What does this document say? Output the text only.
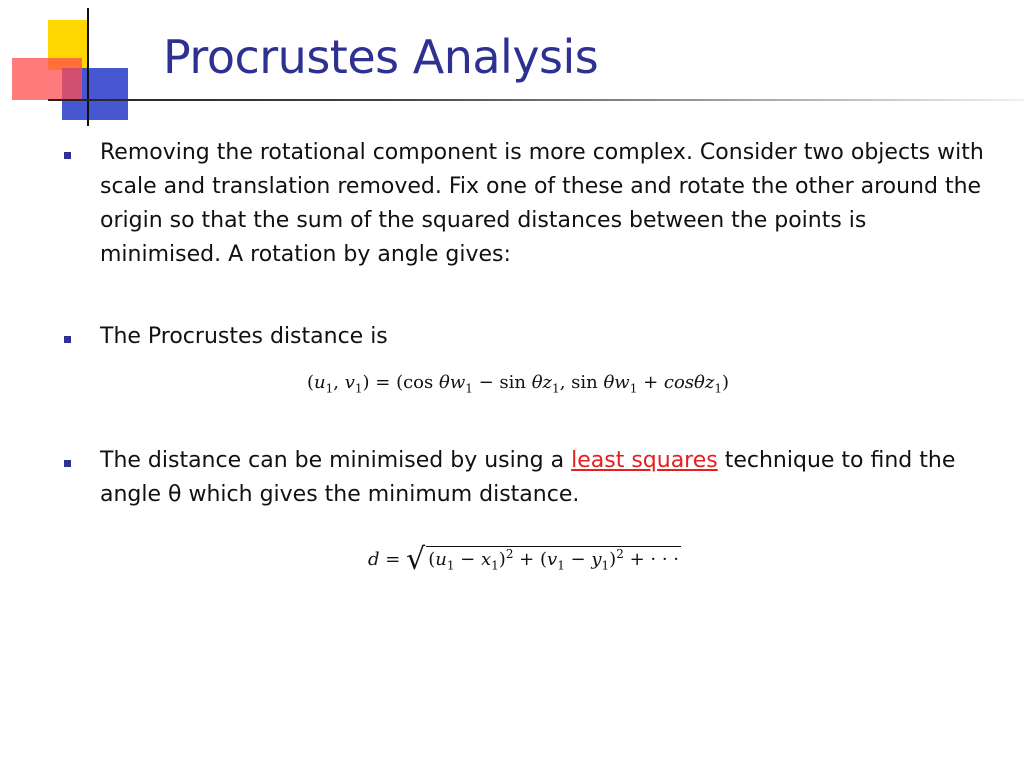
Procrustes Analysis
Removing the rotational component is more complex. Consider two objects with scale and translation removed. Fix one of these and rotate the other around the origin so that the sum of the squared distances between the points is minimised. A rotation by angle gives:
The Procrustes distance is
($u_1$, $v_1) = (\cos$ $\theta w_1 - \sin \theta z_1$, $\sin \theta w_1 + \cos\theta z_1$)
The distance can be minimised by using a least squares technique to find the angle θ which gives the minimum distance.
d = √ $(u_1 - x_1)^2 + (v_1 - y_1)^2$ + · · ·
